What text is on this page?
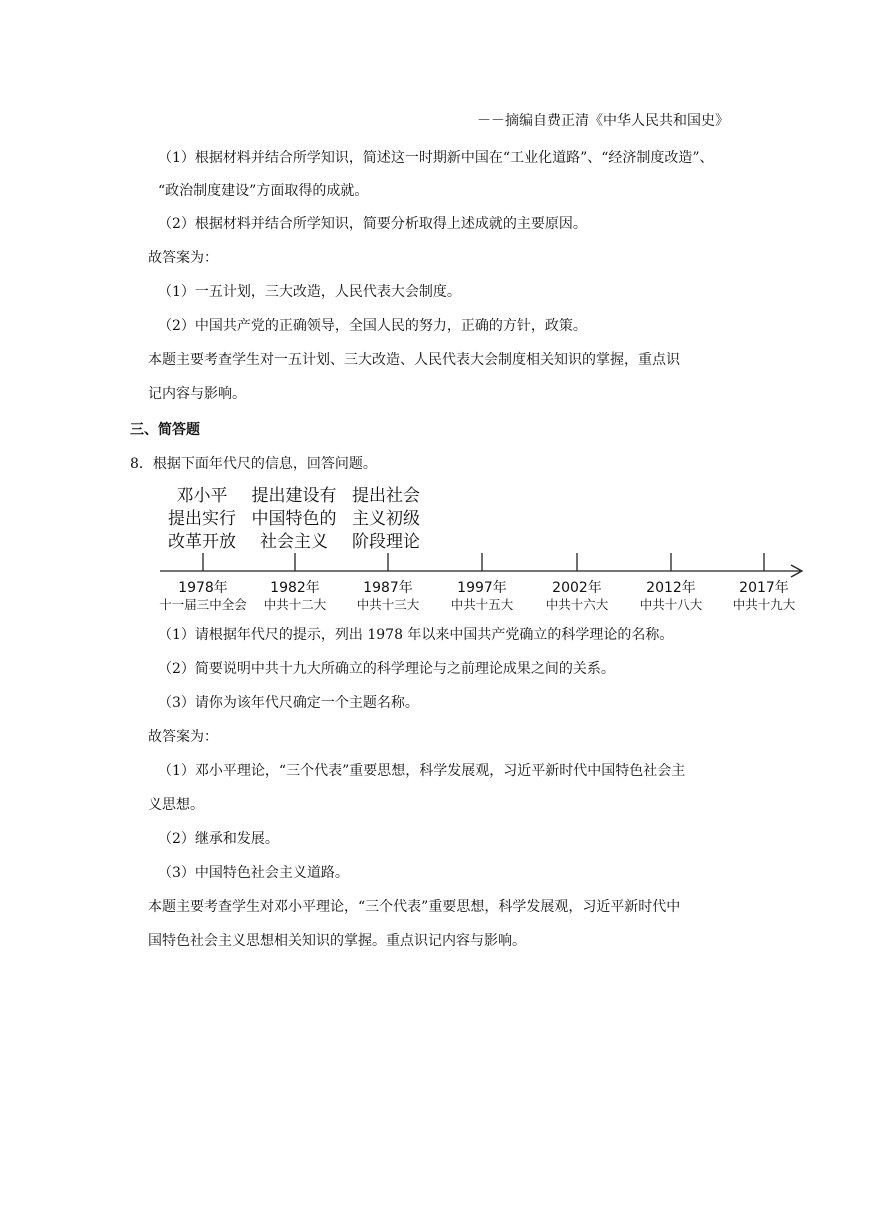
－－摘编自费正清《中华人民共和国史》
（1）根据材料并结合所学知识，简述这一时期新中国在“工业化道路”、“经济制度改造”、
“政治制度建设”方面取得的成就。
（2）根据材料并结合所学知识，简要分析取得上述成就的主要原因。
故答案为：
（1）一五计划，三大改造，人民代表大会制度。
（2）中国共产党的正确领导，全国人民的努力，正确的方针，政策。
本题主要考查学生对一五计划、三大改造、人民代表大会制度相关知识的掌握，重点识
记内容与影响。
三、简答题
8．根据下面年代尺的信息，回答问题。
邓小平
提出实行
改革开放
提出建设有
中国特色的
社会主义
提出社会
主义初级
阶段理论
1978年
十一届三中全会
1982年
中共十二大
1987年
中共十三大
1997年
中共十五大
2002年
中共十六大
2012年
中共十八大
2017年
中共十九大
（1）请根据年代尺的提示，列出 1978 年以来中国共产党确立的科学理论的名称。
（2）简要说明中共十九大所确立的科学理论与之前理论成果之间的关系。
（3）请你为该年代尺确定一个主题名称。
故答案为：
（1）邓小平理论，“三个代表”重要思想，科学发展观，习近平新时代中国特色社会主
义思想。
（2）继承和发展。
（3）中国特色社会主义道路。
本题主要考查学生对邓小平理论，“三个代表”重要思想，科学发展观，习近平新时代中
国特色社会主义思想相关知识的掌握。重点识记内容与影响。
